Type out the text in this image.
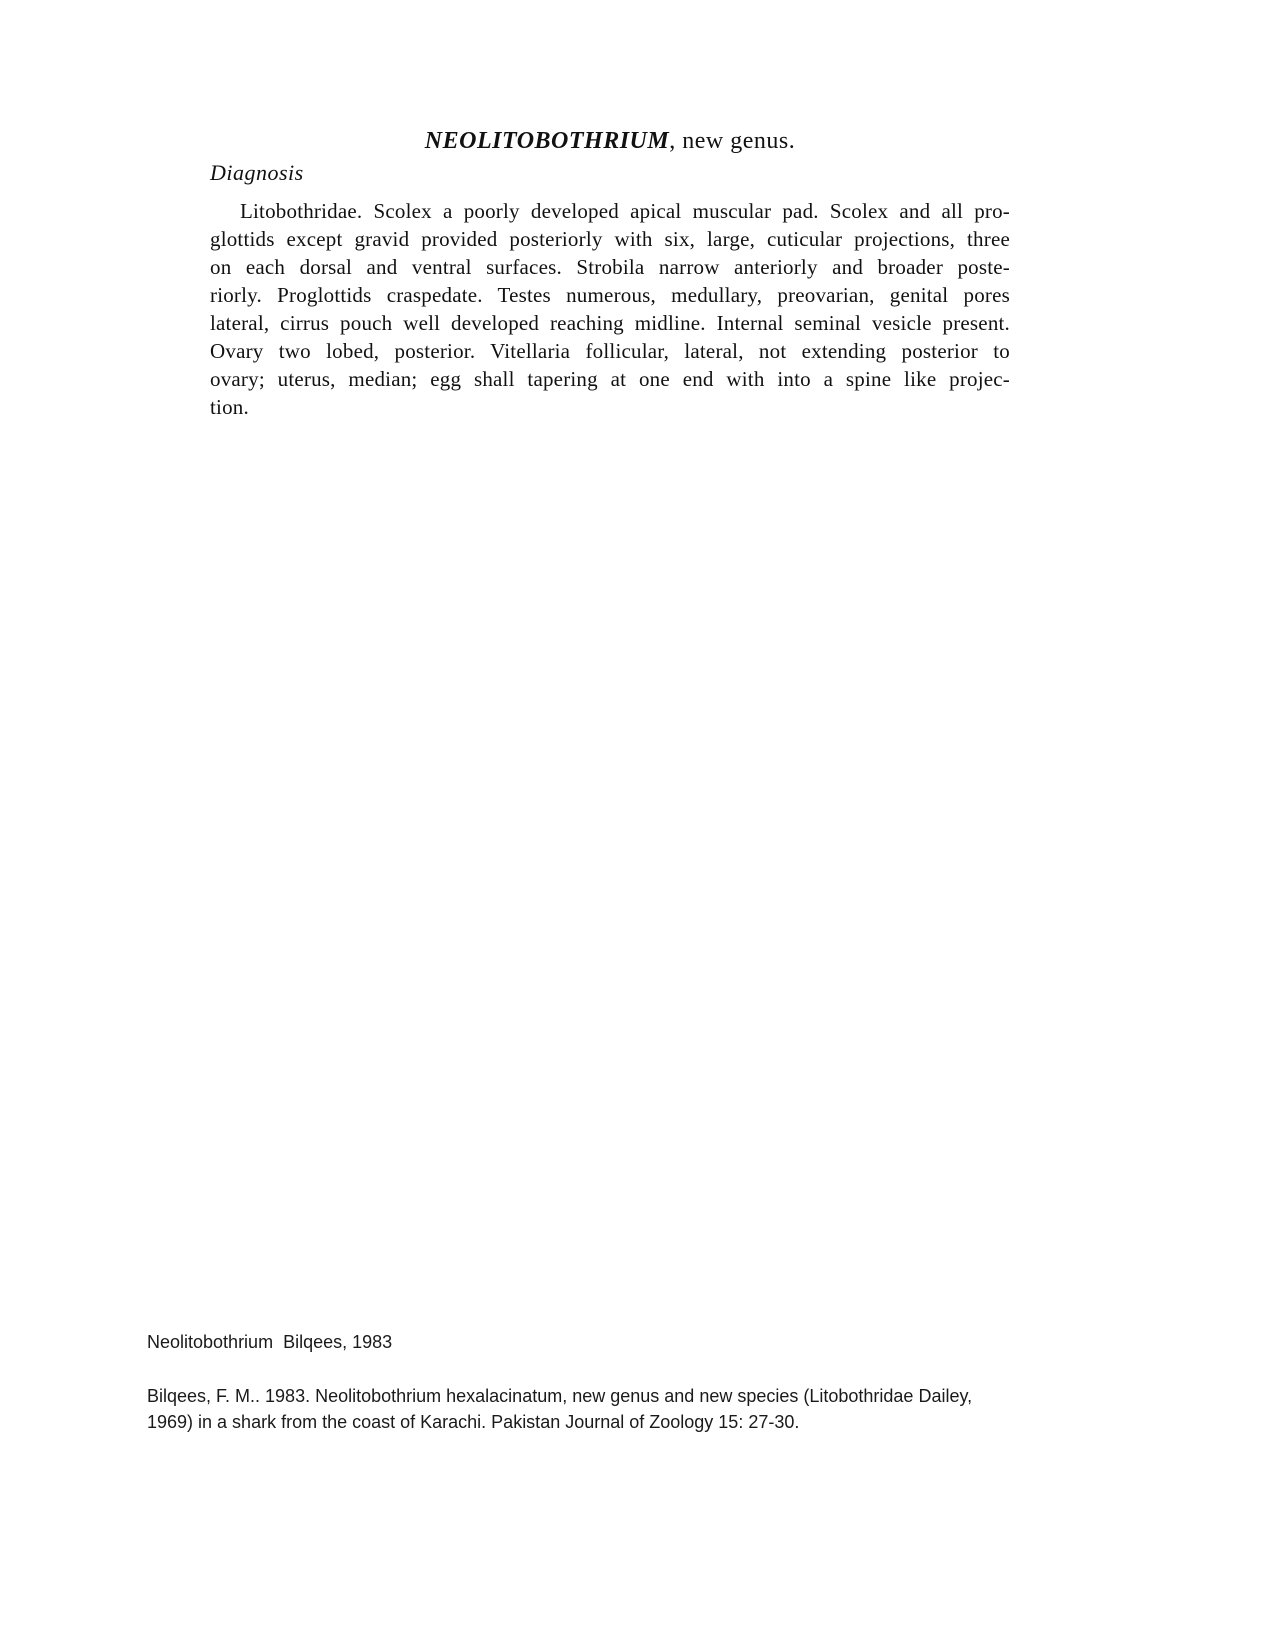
NEOLITOBOTHRIUM, new genus.
Diagnosis
Litobothridae. Scolex a poorly developed apical muscular pad. Scolex and all pro-
glottids except gravid provided posteriorly with six, large, cuticular projections, three
on each dorsal and ventral surfaces. Strobila narrow anteriorly and broader poste-
riorly. Proglottids craspedate. Testes numerous, medullary, preovarian, genital pores
lateral, cirrus pouch well developed reaching midline. Internal seminal vesicle present.
Ovary two lobed, posterior. Vitellaria follicular, lateral, not extending posterior to
ovary; uterus, median; egg shall tapering at one end with into a spine like projec-
tion.
Neolitobothrium  Bilqees, 1983
Bilqees, F. M.. 1983. Neolitobothrium hexalacinatum, new genus and new species (Litobothridae Dailey,
1969) in a shark from the coast of Karachi. Pakistan Journal of Zoology 15: 27-30.
